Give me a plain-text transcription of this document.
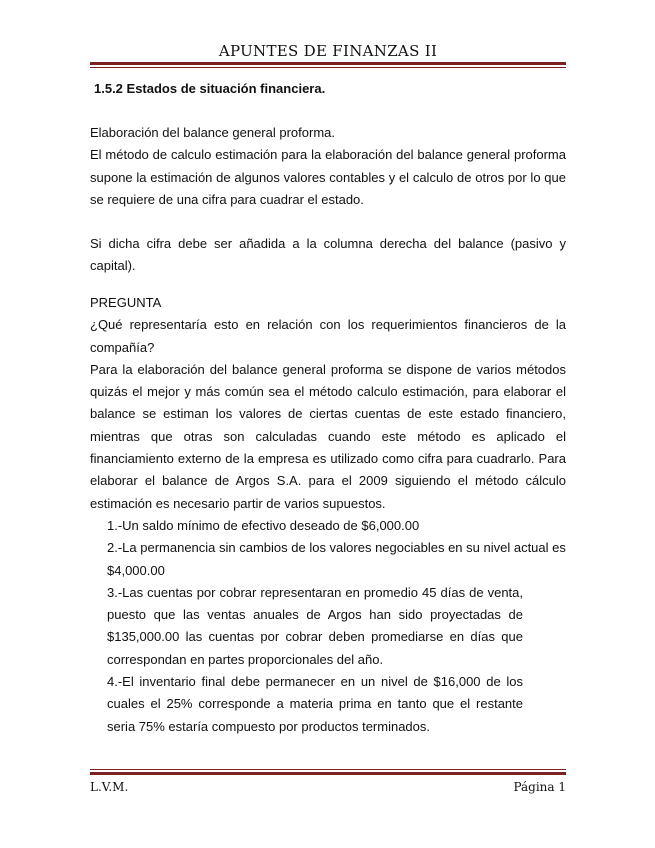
APUNTES DE FINANZAS II
1.5.2 Estados de situación financiera.

Elaboración del balance general proforma.

El método de calculo estimación para la elaboración del balance general proforma supone la estimación de algunos valores contables y el calculo de otros por lo que se requiere de una cifra para cuadrar el estado.

Si dicha cifra debe ser añadida a la columna derecha del balance (pasivo y capital).

PREGUNTA

¿Qué representaría esto en relación con los requerimientos financieros de la compañía?

Para la elaboración del balance general proforma se dispone de varios métodos quizás el mejor y más común sea el método calculo estimación, para elaborar el balance se estiman los valores de ciertas cuentas de este estado financiero, mientras que otras son calculadas cuando este método es aplicado el financiamiento externo de la empresa es utilizado como cifra para cuadrarlo. Para elaborar el balance de Argos S.A. para el 2009 siguiendo el método cálculo estimación es necesario partir de varios supuestos.

1.-Un saldo mínimo de efectivo deseado de $6,000.00

2.-La permanencia sin cambios de los valores negociables en su nivel actual es $4,000.00

3.-Las cuentas por cobrar representaran en promedio 45 días de venta, puesto que las ventas anuales de Argos han sido proyectadas de $135,000.00 las cuentas por cobrar deben promediarse en días que correspondan en partes proporcionales del año.

4.-El inventario final debe permanecer en un nivel de $16,000 de los cuales el 25% corresponde a materia prima en tanto que el restante seria 75% estaría compuesto por productos terminados.

L.V.M.	Página 1
